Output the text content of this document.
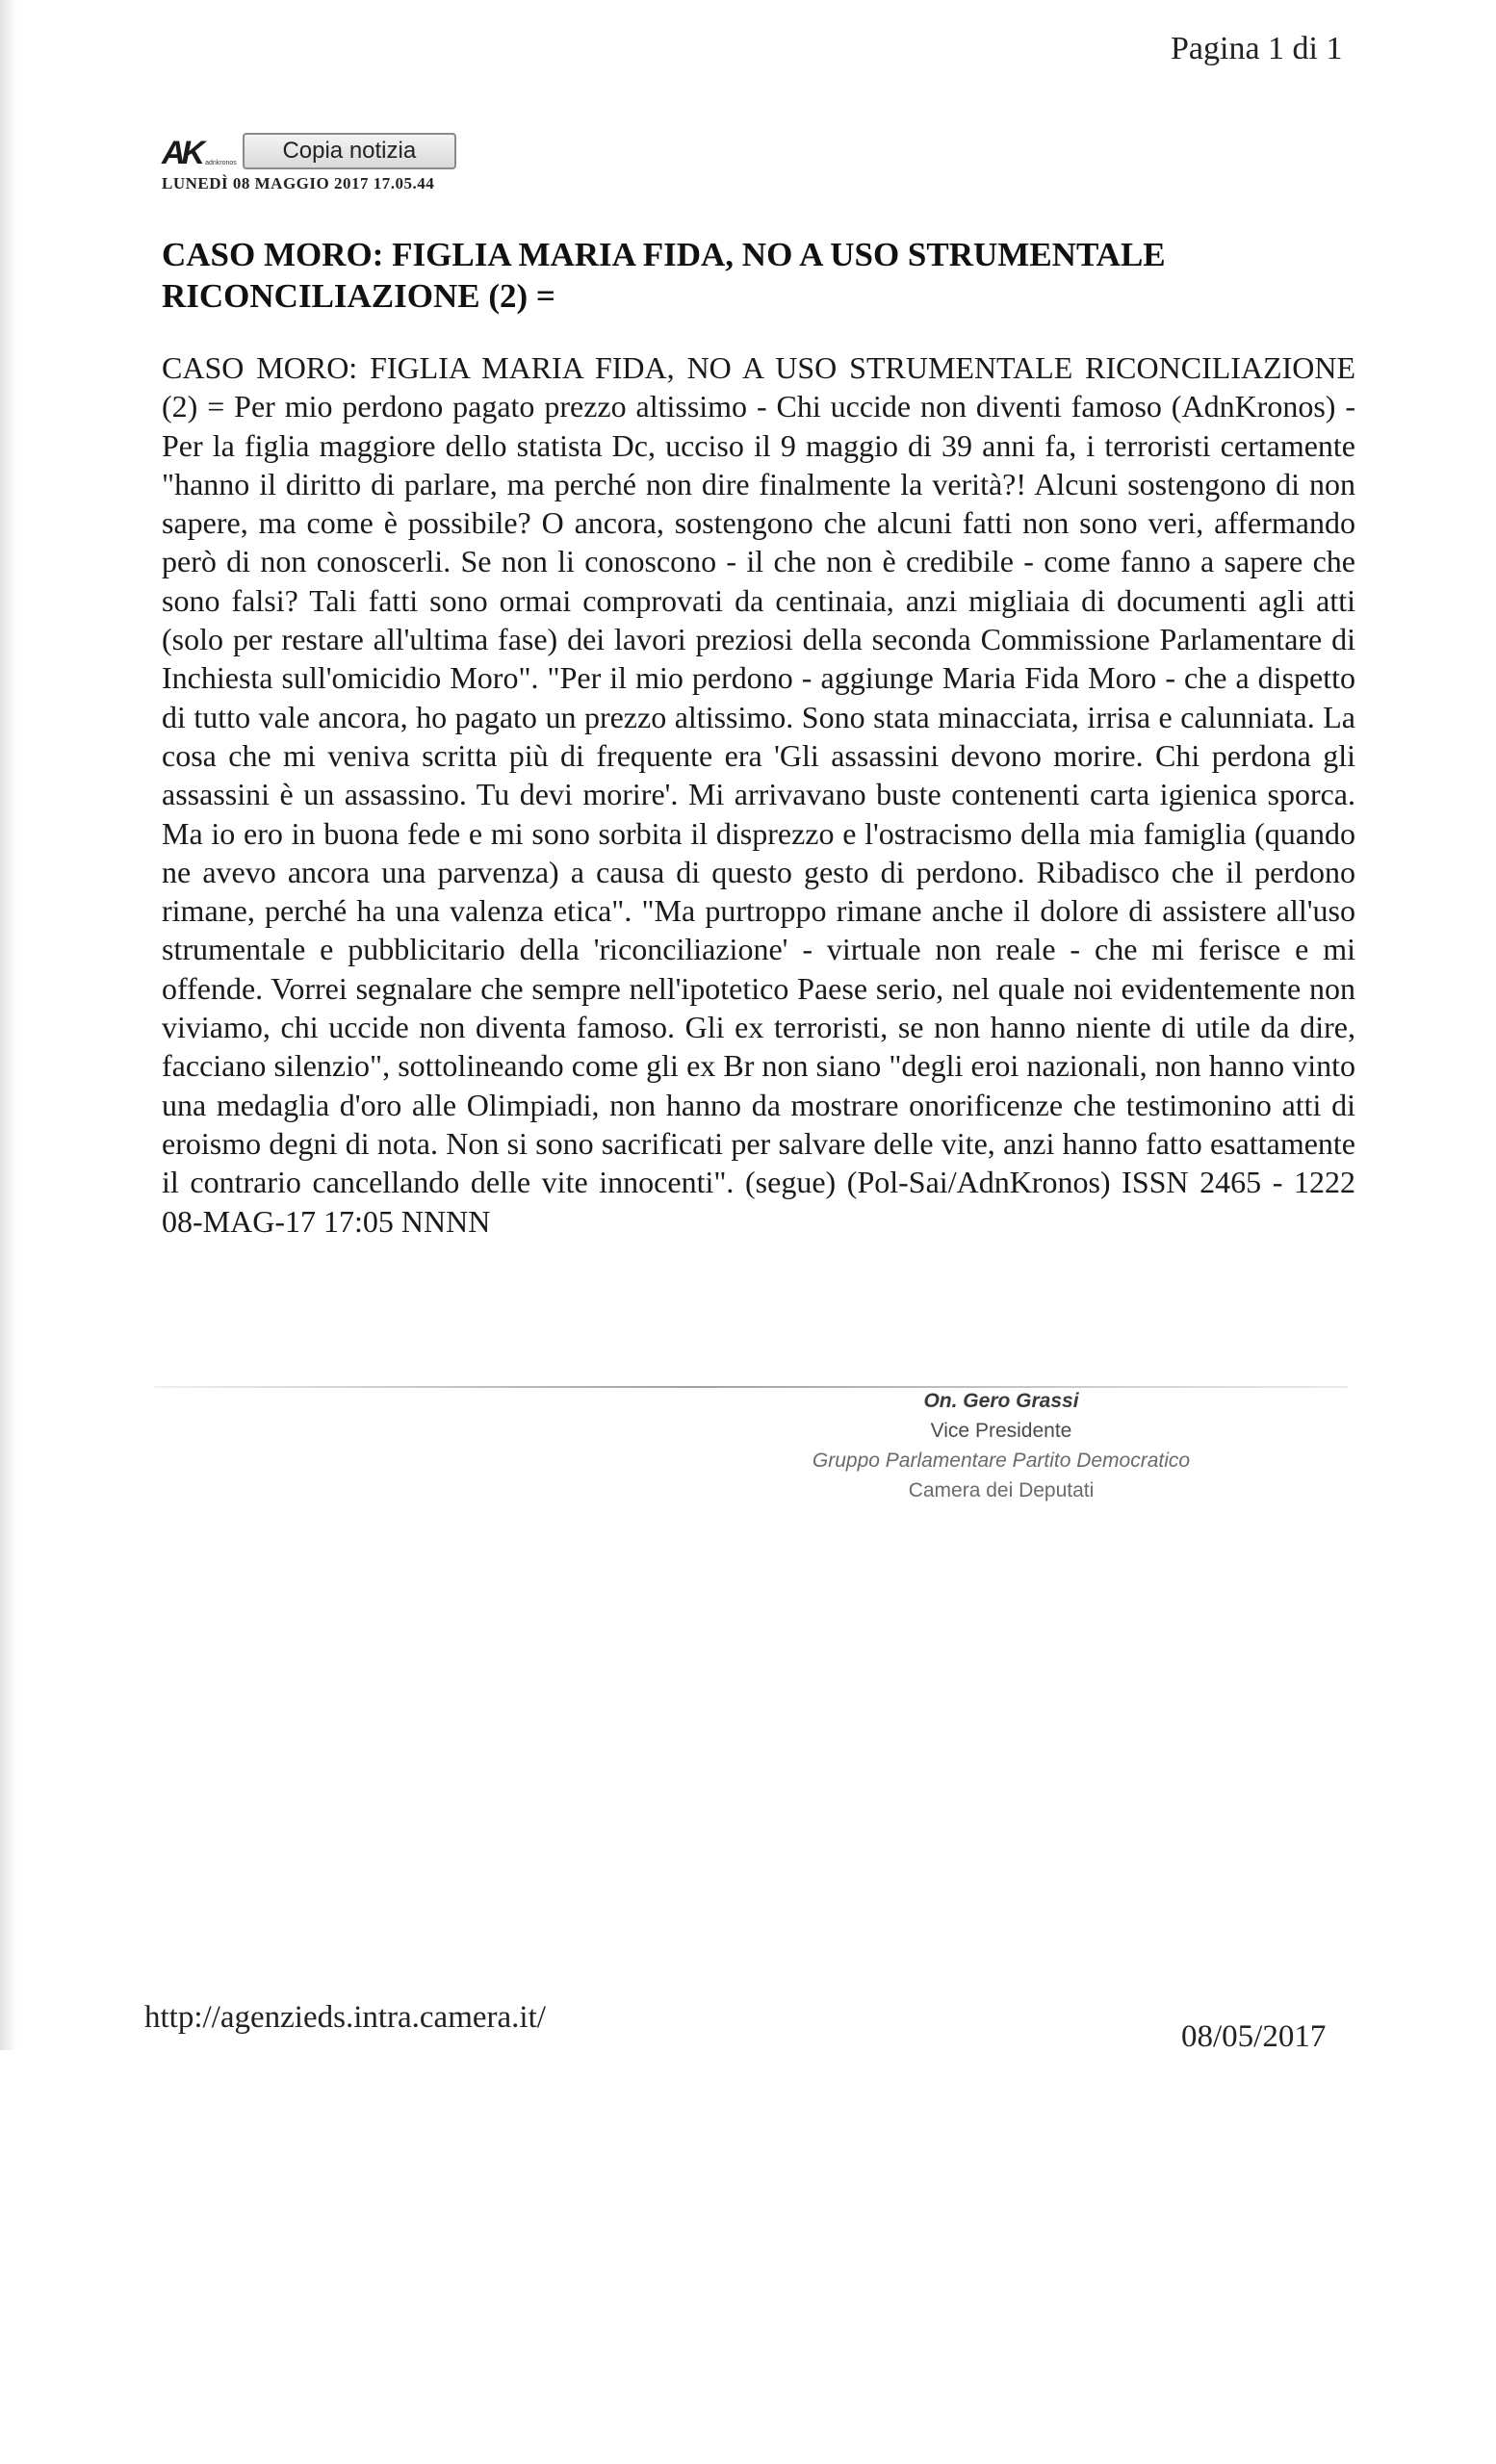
Pagina 1 di 1
AK adnkronos	Copia notizia
LUNEDÌ 08 MAGGIO 2017 17.05.44
CASO MORO: FIGLIA MARIA FIDA, NO A USO STRUMENTALE RICONCILIAZIONE (2) =

CASO MORO: FIGLIA MARIA FIDA, NO A USO STRUMENTALE RICONCILIAZIONE (2) = Per mio perdono pagato prezzo altissimo - Chi uccide non diventi famoso (AdnKronos) - Per la figlia maggiore dello statista Dc, ucciso il 9 maggio di 39 anni fa, i terroristi certamente "hanno il diritto di parlare, ma perché non dire finalmente la verità?! Alcuni sostengono di non sapere, ma come è possibile? O ancora, sostengono che alcuni fatti non sono veri, affermando però di non conoscerli. Se non li conoscono - il che non è credibile - come fanno a sapere che sono falsi? Tali fatti sono ormai comprovati da centinaia, anzi migliaia di documenti agli atti (solo per restare all'ultima fase) dei lavori preziosi della seconda Commissione Parlamentare di Inchiesta sull'omicidio Moro". "Per il mio perdono - aggiunge Maria Fida Moro - che a dispetto di tutto vale ancora, ho pagato un prezzo altissimo. Sono stata minacciata, irrisa e calunniata. La cosa che mi veniva scritta più di frequente era 'Gli assassini devono morire. Chi perdona gli assassini è un assassino. Tu devi morire'. Mi arrivavano buste contenenti carta igienica sporca. Ma io ero in buona fede e mi sono sorbita il disprezzo e l'ostracismo della mia famiglia (quando ne avevo ancora una parvenza) a causa di questo gesto di perdono. Ribadisco che il perdono rimane, perché ha una valenza etica". "Ma purtroppo rimane anche il dolore di assistere all'uso strumentale e pubblicitario della 'riconciliazione' - virtuale non reale - che mi ferisce e mi offende. Vorrei segnalare che sempre nell'ipotetico Paese serio, nel quale noi evidentemente non viviamo, chi uccide non diventa famoso. Gli ex terroristi, se non hanno niente di utile da dire, facciano silenzio", sottolineando come gli ex Br non siano "degli eroi nazionali, non hanno vinto una medaglia d'oro alle Olimpiadi, non hanno da mostrare onorificenze che testimonino atti di eroismo degni di nota. Non si sono sacrificati per salvare delle vite, anzi hanno fatto esattamente il contrario cancellando delle vite innocenti". (segue) (Pol-Sai/AdnKronos) ISSN 2465 - 1222 08-MAG-17 17:05 NNNN

On. Gero Grassi
Vice Presidente
Gruppo Parlamentare Partito Democratico
Camera dei Deputati
http://agenzieds.intra.camera.it/
08/05/2017
